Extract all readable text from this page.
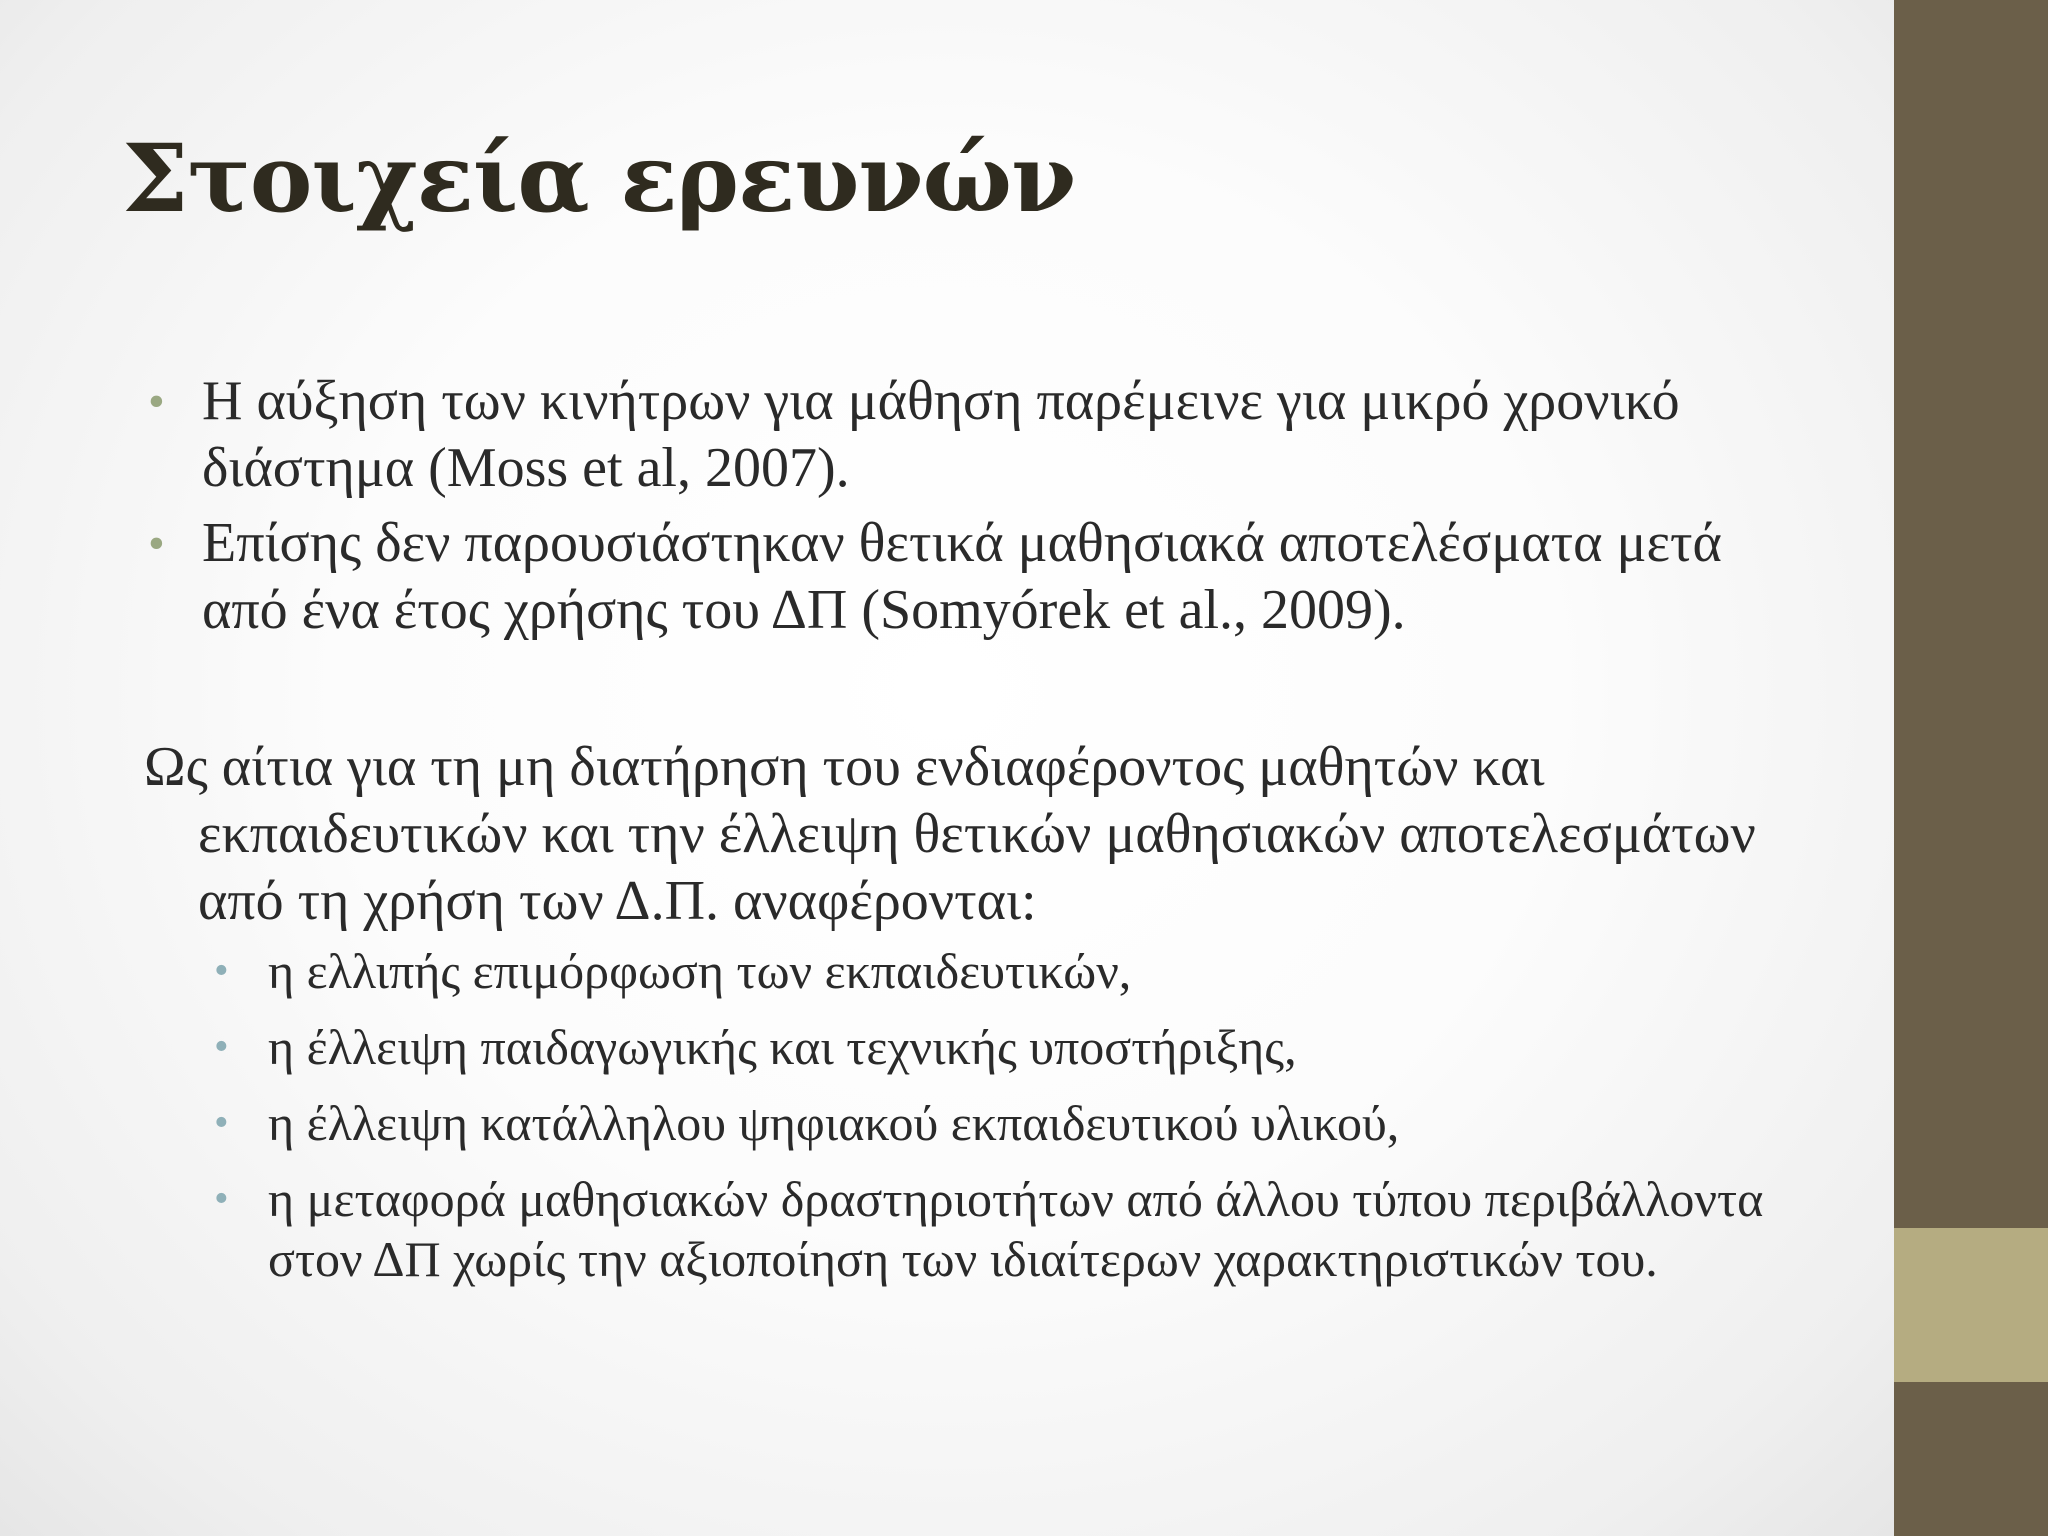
Στοιχεία ερευνών
• Η αύξηση των κινήτρων για μάθηση παρέμεινε για μικρό χρονικό διάστημα (Moss et al, 2007).
• Επίσης δεν παρουσιάστηκαν θετικά μαθησιακά αποτελέσματα μετά από ένα έτος χρήσης του ΔΠ (Somyórek et al., 2009).
Ως αίτια για τη μη διατήρηση του ενδιαφέροντος μαθητών και εκπαιδευτικών και την έλλειψη θετικών μαθησιακών αποτελεσμάτων από τη χρήση των Δ.Π. αναφέρονται:
• η ελλιπής επιμόρφωση των εκπαιδευτικών,
• η έλλειψη παιδαγωγικής και τεχνικής υποστήριξης,
• η έλλειψη κατάλληλου ψηφιακού εκπαιδευτικού υλικού,
• η μεταφορά μαθησιακών δραστηριοτήτων από άλλου τύπου περιβάλλοντα στον ΔΠ χωρίς την αξιοποίηση των ιδιαίτερων χαρακτηριστικών του.
